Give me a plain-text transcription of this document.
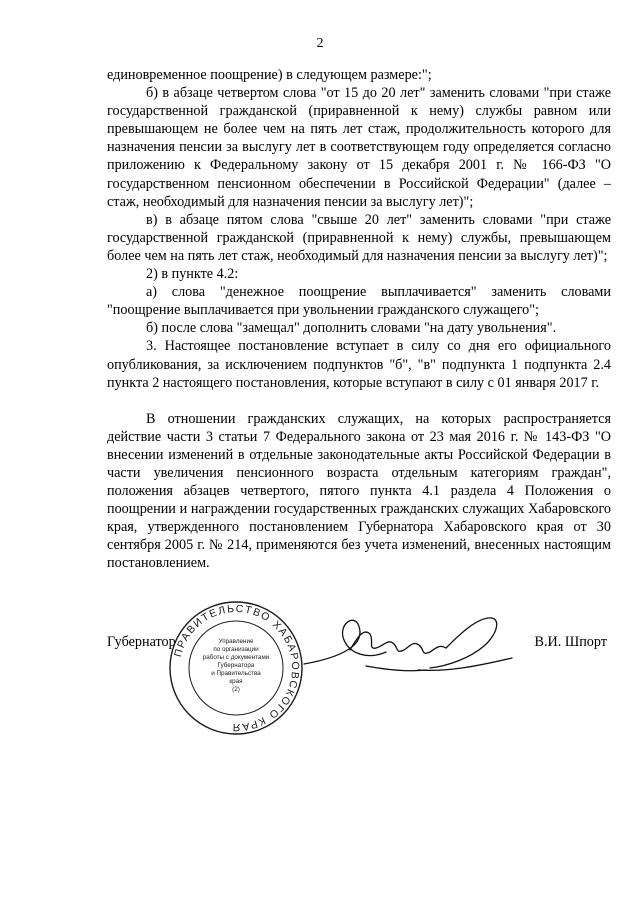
2

единовременное поощрение) в следующем размере:";

б) в абзаце четвертом слова "от 15 до 20 лет" заменить словами "при стаже государственной гражданской (приравненной к нему) службы равном или превышающем не более чем на пять лет стаж, продолжительность которого для назначения пенсии за выслугу лет в соответствующем году определяется согласно приложению к Федеральному закону от 15 декабря 2001 г. № 166-ФЗ "О государственном пенсионном обеспечении в Российской Федерации" (далее – стаж, необходимый для назначения пенсии за выслугу лет)";

в) в абзаце пятом слова "свыше 20 лет" заменить словами "при стаже государственной гражданской (приравненной к нему) службы, превышающем более чем на пять лет стаж, необходимый для назначения пенсии за выслугу лет)";

2) в пункте 4.2:

а) слова "денежное поощрение выплачивается" заменить словами "поощрение выплачивается при увольнении гражданского служащего";

б) после слова "замещал" дополнить словами "на дату увольнения".

3. Настоящее постановление вступает в силу со дня его официального опубликования, за исключением подпунктов "б", "в" подпункта 1 подпункта 2.4 пункта 2 настоящего постановления, которые вступают в силу с 01 января 2017 г.

В отношении гражданских служащих, на которых распространяется действие части 3 статьи 7 Федерального закона от 23 мая 2016 г. № 143-ФЗ "О внесении изменений в отдельные законодательные акты Российской Федерации в части увеличения пенсионного возраста отдельным категориям граждан", положения абзацев четвертого, пятого пункта 4.1 раздела 4 Положения о поощрении и награждении государственных гражданских служащих Хабаровского края, утвержденного постановлением Губернатора Хабаровского края от 30 сентября 2005 г. № 214, применяются без учета изменений, внесенных настоящим постановлением.

Губернатор	В.И. Шпорт
ПРАВИТЕЛЬСТВО ХАБАРОВСКОГО КРАЯ
Управление
по организации
работы с документами
Губернатора
и Правительства
края
(2)
